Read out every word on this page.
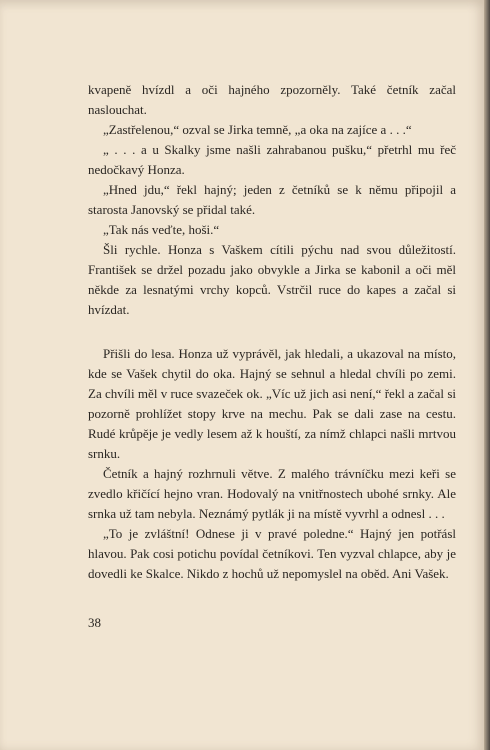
kvapeně hvízdl a oči hajného zpozorněly. Také četník začal naslouchat.

„Zastřelenou,“ ozval se Jirka temně, „a oka na zajíce a . . .“

„ . . . a u Skalky jsme našli zahrabanou pušku,“ přetrhl mu řeč nedočkavý Honza.

„Hned jdu,“ řekl hajný; jeden z četníků se k němu připojil a starosta Janovský se přidal také.

„Tak nás veďte, hoši.“

Šli rychle. Honza s Vaškem cítili pýchu nad svou důležitostí. František se držel pozadu jako obvykle a Jirka se kabonil a oči měl někde za lesnatými vrchy kopců. Vstrčil ruce do kapes a začal si hvízdat.

Přišli do lesa. Honza už vyprávěl, jak hledali, a ukazoval na místo, kde se Vašek chytil do oka. Hajný se sehnul a hledal chvíli po zemi. Za chvíli měl v ruce svazeček ok. „Víc už jich asi není,“ řekl a začal si pozorně prohlížet stopy krve na mechu. Pak se dali zase na cestu. Rudé krůpěje je vedly lesem až k houští, za nímž chlapci našli mrtvou srnku.

Četník a hajný rozhrnuli větve. Z malého trávníčku mezi keři se zvedlo křičící hejno vran. Hodovalý na vnitřnostech ubohé srnky. Ale srnka už tam nebyla. Neznámý pytlák ji na místě vyvrhl a odnesl . . .

„To je zvláštní! Odnese ji v pravé poledne.“ Hajný jen potřásl hlavou. Pak cosi potichu povídal četníkovi. Ten vyzval chlapce, aby je dovedli ke Skalce. Nikdo z hochů už nepomyslel na oběd. Ani Vašek.

38
